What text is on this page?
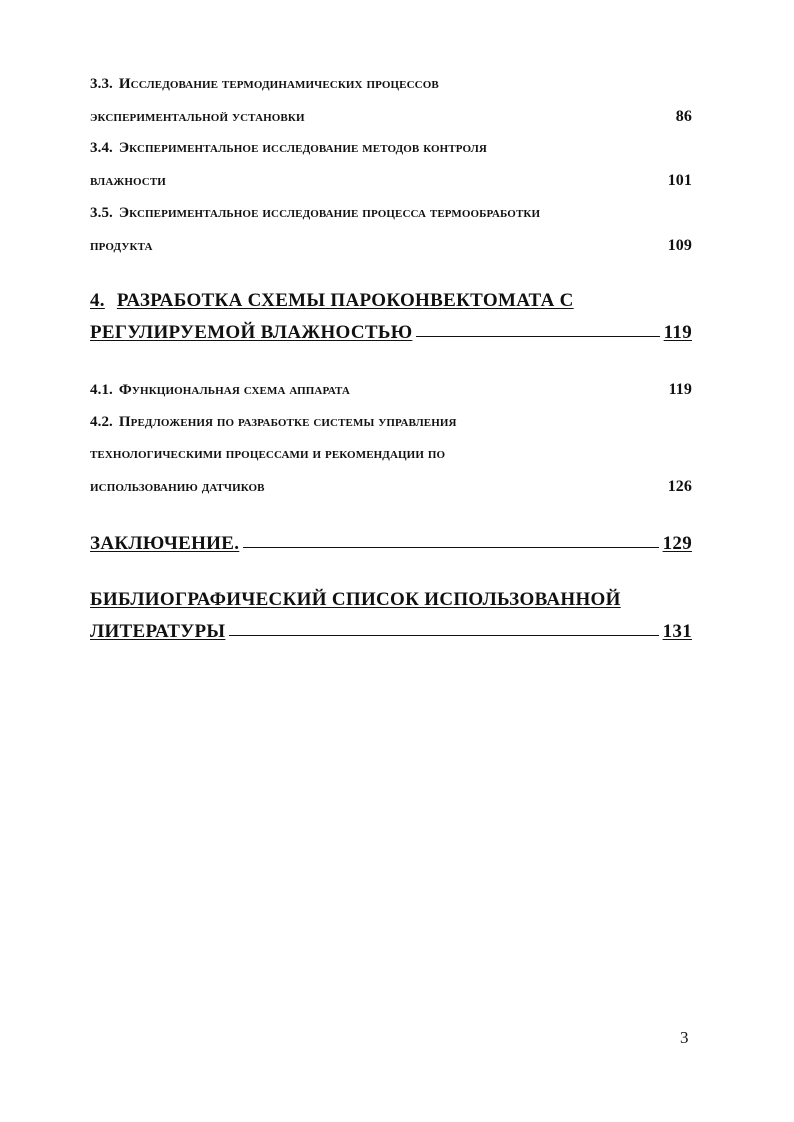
3.3. Исследование термодинамических процессов
экспериментальной установки	86
3.4. Экспериментальное исследование методов контроля
влажности	101
3.5. Экспериментальное исследование процесса термообработки
продукта	109
4. РАЗРАБОТКА СХЕМЫ ПАРОКОНВЕКТОМАТА С
РЕГУЛИРУЕМОЙ ВЛАЖНОСТЬЮ	119
4.1. Функциональная схема аппарата	119
4.2. Предложения по разработке системы управления
технологическими процессами и рекомендации по
использованию датчиков	126
ЗАКЛЮЧЕНИЕ.	129
БИБЛИОГРАФИЧЕСКИЙ СПИСОК ИСПОЛЬЗОВАННОЙ
ЛИТЕРАТУРЫ	131
3
